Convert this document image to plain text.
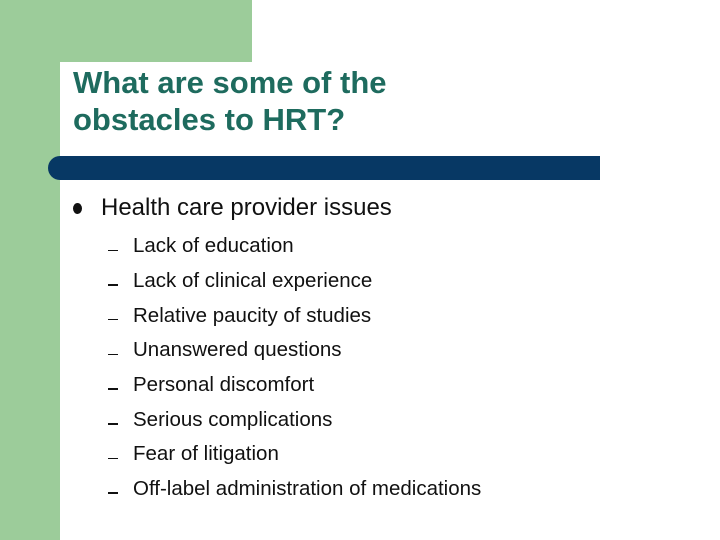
What are some of the
obstacles to HRT?
Health care provider issues
Lack of education
Lack of clinical experience
Relative paucity of studies
Unanswered questions
Personal discomfort
Serious complications
Fear of litigation
Off-label administration of medications
